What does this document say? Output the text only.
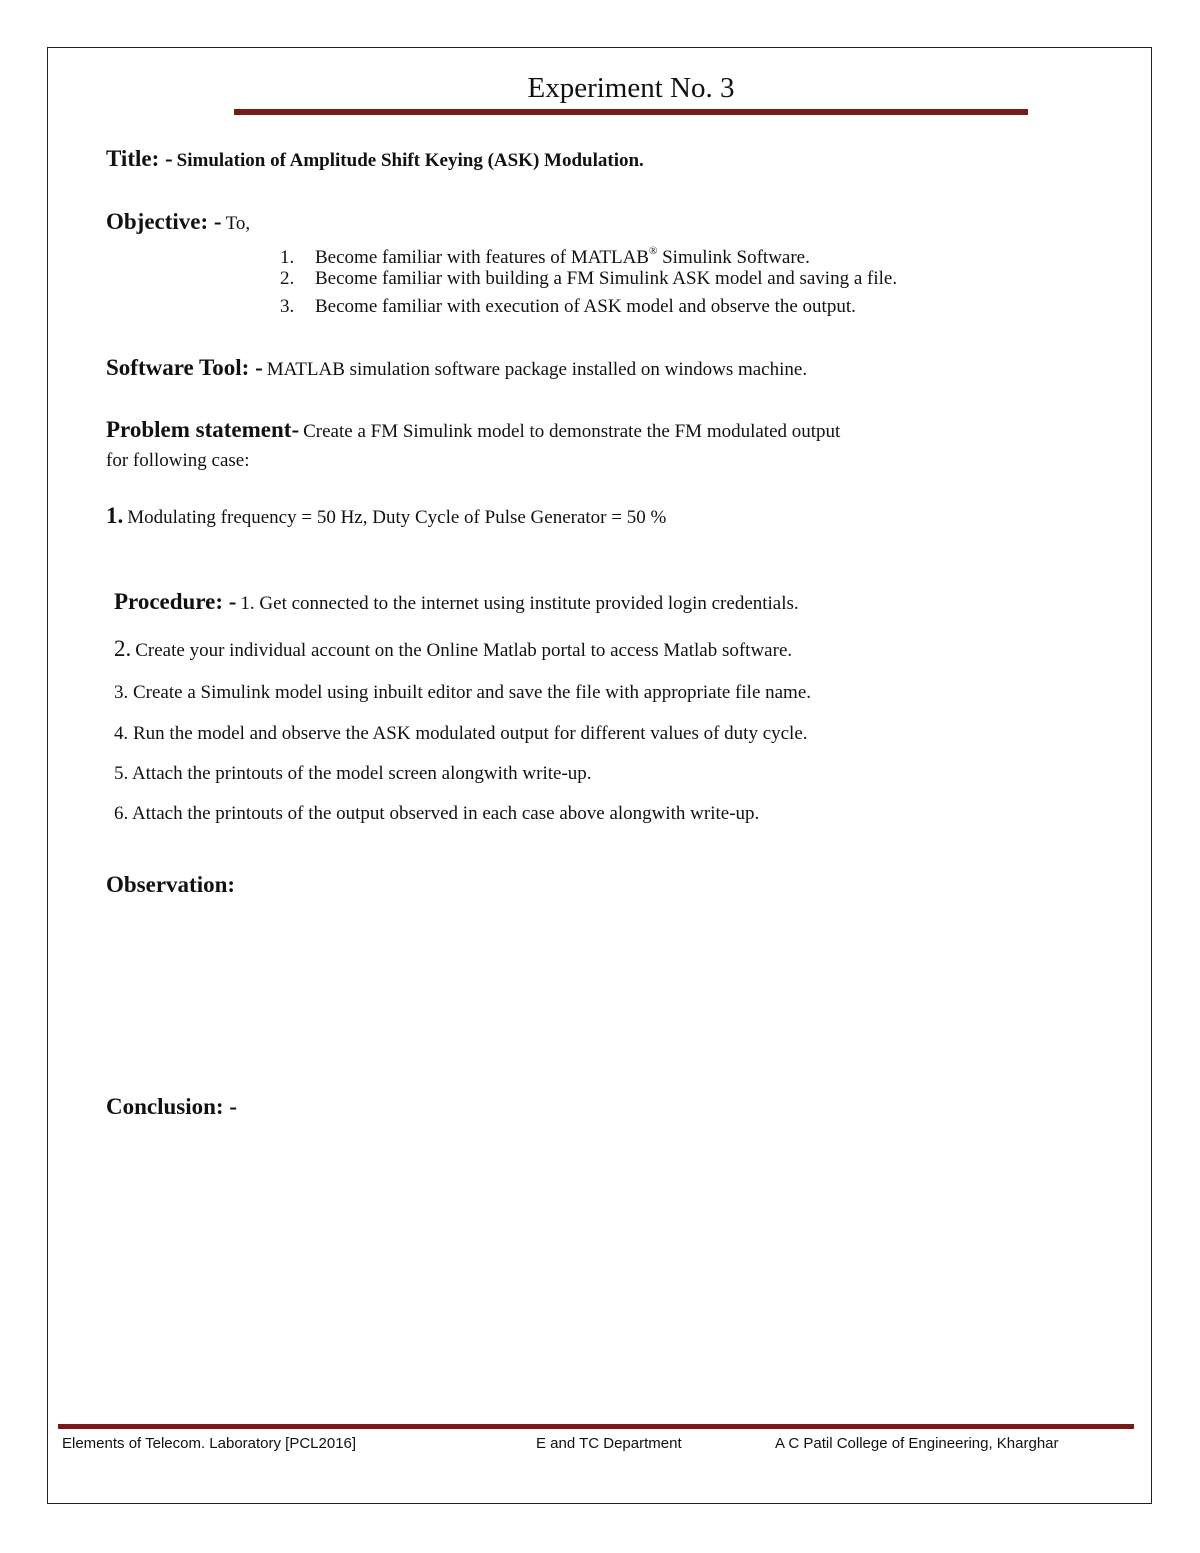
Experiment No. 3
Title: - Simulation of Amplitude Shift Keying (ASK) Modulation.
Objective: - To,
1. Become familiar with features of MATLAB® Simulink Software.
2. Become familiar with building a FM Simulink ASK model and saving a file.
3. Become familiar with execution of ASK model and observe the output.
Software Tool: - MATLAB simulation software package installed on windows machine.
Problem statement- Create a FM Simulink model to demonstrate the FM modulated output
for following case:
1. Modulating frequency = 50 Hz, Duty Cycle of Pulse Generator = 50 %
Procedure: - 1. Get connected to the internet using institute provided login credentials.
2. Create your individual account on the Online Matlab portal to access Matlab software.
3. Create a Simulink model using inbuilt editor and save the file with appropriate file name.
4. Run the model and observe the ASK modulated output for different values of duty cycle.
5. Attach the printouts of the model screen alongwith write-up.
6. Attach the printouts of the output observed in each case above alongwith write-up.
Observation:
Conclusion: -
Elements of Telecom. Laboratory [PCL2016]	E and TC Department	A C Patil College of Engineering, Kharghar
